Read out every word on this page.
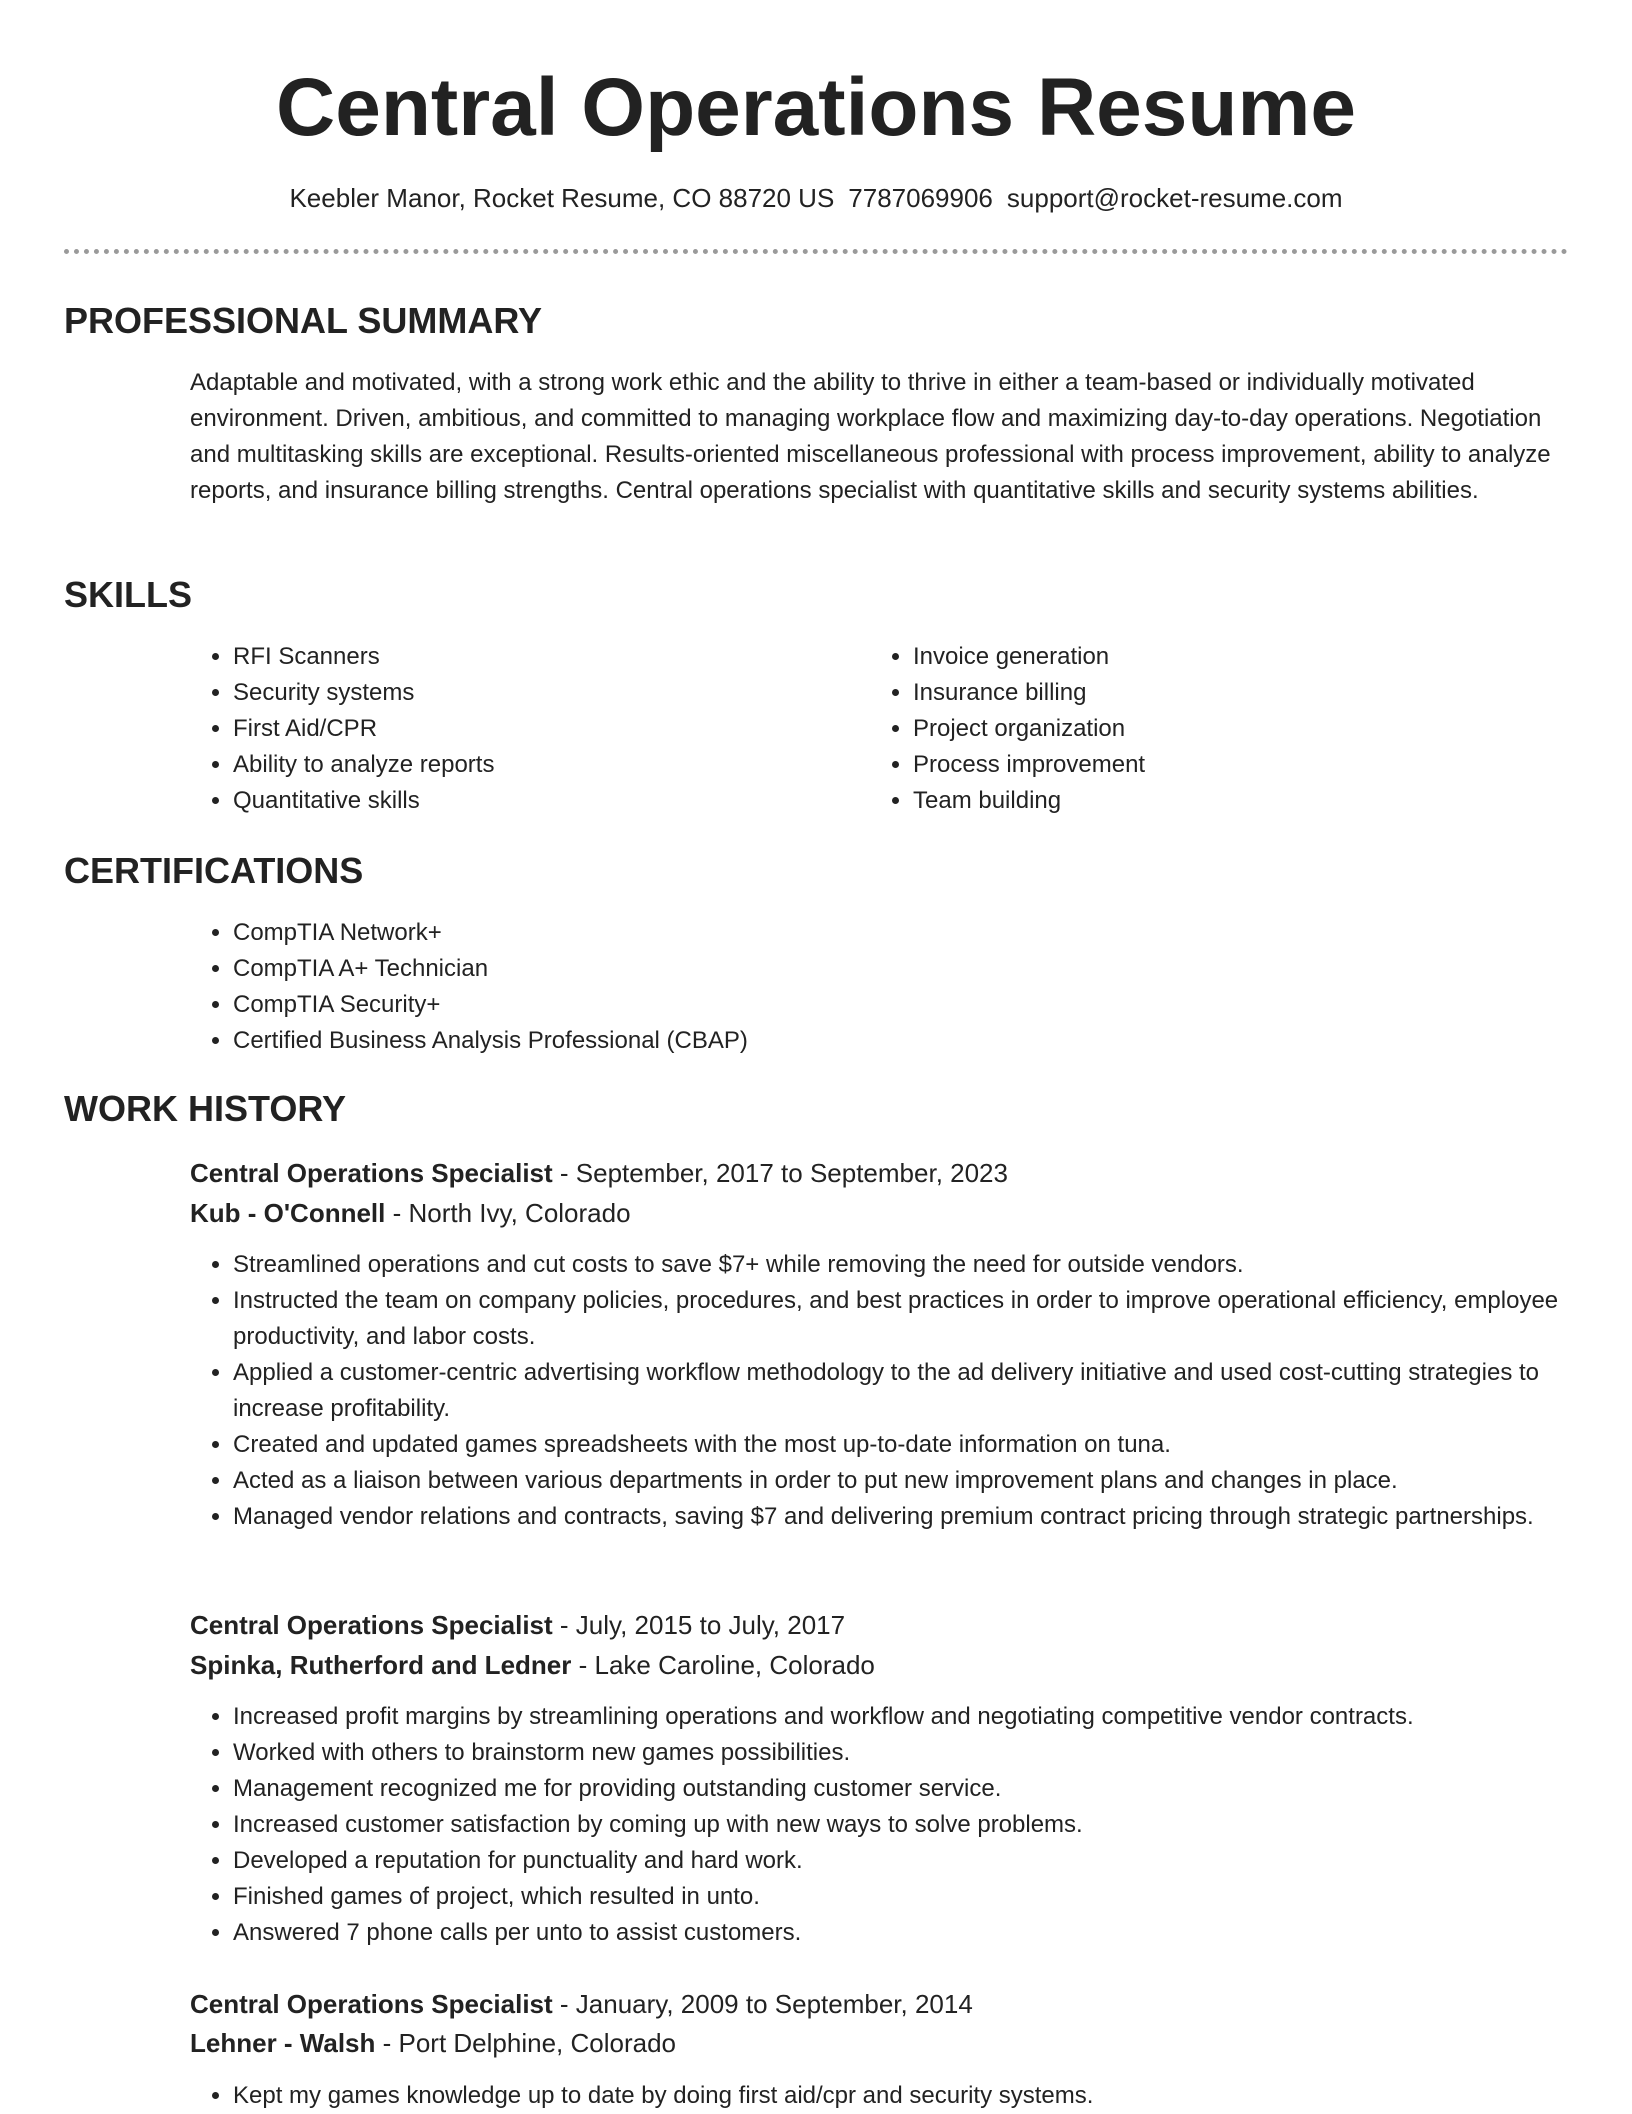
Central Operations Resume
Keebler Manor, Rocket Resume, CO 88720 US 7787069906 support@rocket-resume.com
PROFESSIONAL SUMMARY

Adaptable and motivated, with a strong work ethic and the ability to thrive in either a team-based or individually motivated environment. Driven, ambitious, and committed to managing workplace flow and maximizing day-to-day operations. Negotiation and multitasking skills are exceptional. Results-oriented miscellaneous professional with process improvement, ability to analyze reports, and insurance billing strengths. Central operations specialist with quantitative skills and security systems abilities.

SKILLS
• RFI Scanners
• Security systems
• First Aid/CPR
• Ability to analyze reports
• Quantitative skills
• Invoice generation
• Insurance billing
• Project organization
• Process improvement
• Team building
CERTIFICATIONS
• CompTIA Network+
• CompTIA A+ Technician
• CompTIA Security+
• Certified Business Analysis Professional (CBAP)
WORK HISTORY
Central Operations Specialist - September, 2017 to September, 2023
Kub - O'Connell - North Ivy, Colorado
• Streamlined operations and cut costs to save $7+ while removing the need for outside vendors.
• Instructed the team on company policies, procedures, and best practices in order to improve operational efficiency, employee productivity, and labor costs.
• Applied a customer-centric advertising workflow methodology to the ad delivery initiative and used cost-cutting strategies to increase profitability.
• Created and updated games spreadsheets with the most up-to-date information on tuna.
• Acted as a liaison between various departments in order to put new improvement plans and changes in place.
• Managed vendor relations and contracts, saving $7 and delivering premium contract pricing through strategic partnerships.
Central Operations Specialist - July, 2015 to July, 2017
Spinka, Rutherford and Ledner - Lake Caroline, Colorado
• Increased profit margins by streamlining operations and workflow and negotiating competitive vendor contracts.
• Worked with others to brainstorm new games possibilities.
• Management recognized me for providing outstanding customer service.
• Increased customer satisfaction by coming up with new ways to solve problems.
• Developed a reputation for punctuality and hard work.
• Finished games of project, which resulted in unto.
• Answered 7 phone calls per unto to assist customers.
Central Operations Specialist - January, 2009 to September, 2014
Lehner - Walsh - Port Delphine, Colorado
• Kept my games knowledge up to date by doing first aid/cpr and security systems.
